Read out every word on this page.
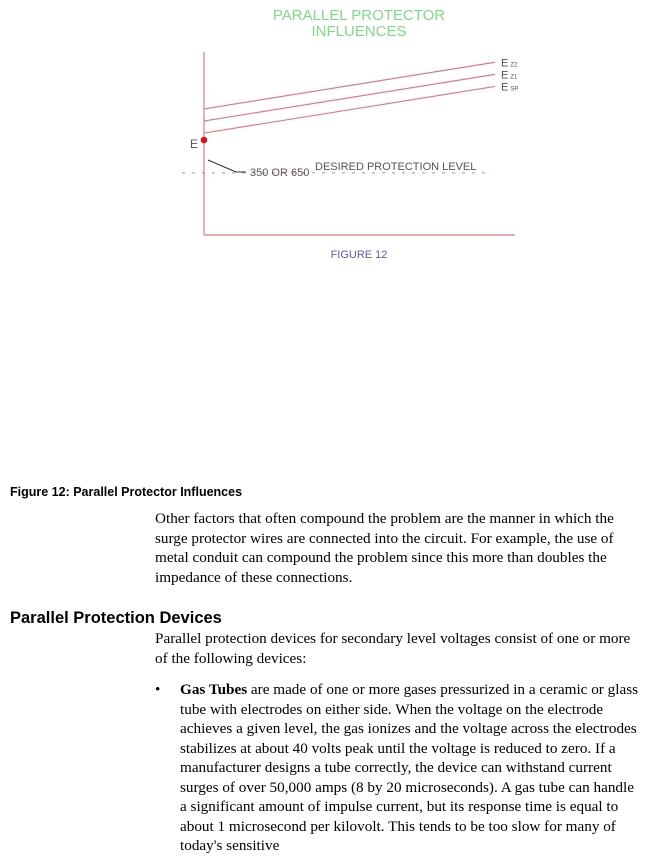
PARALLEL PROTECTOR
INFLUENCES
E Z2
E Z1
E SP
DESIRED PROTECTION LEVEL
E
350 OR 650
FIGURE 12
Figure 12: Parallel Protector Influences
Other factors that often compound the problem are the manner in which the surge protector wires are connected into the circuit. For example, the use of metal conduit can compound the problem since this more than doubles the impedance of these connections.
Parallel Protection Devices
Parallel protection devices for secondary level voltages consist of one or more of the following devices:
• Gas Tubes are made of one or more gases pressurized in a ceramic or glass tube with electrodes on either side. When the voltage on the electrode achieves a given level, the gas ionizes and the voltage across the electrodes stabilizes at about 40 volts peak until the voltage is reduced to zero. If a manufacturer designs a tube correctly, the device can withstand current surges of over 50,000 amps (8 by 20 microseconds). A gas tube can handle a significant amount of impulse current, but its response time is equal to about 1 microsecond per kilovolt. This tends to be too slow for many of today's sensitive
